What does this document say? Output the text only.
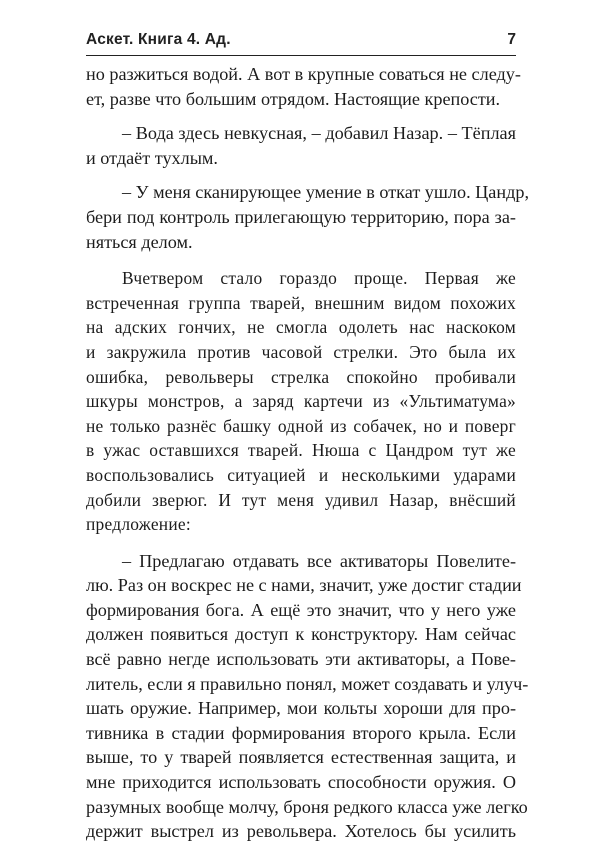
Аскет. Книга 4. Ад.	7
но разжиться водой. А вот в крупные соваться не следу-
ет, разве что большим отрядом. Настоящие крепости.
– Вода здесь невкусная, – добавил Назар. – Тёплая
и отдаёт тухлым.
– У меня сканирующее умение в откат ушло. Цандр,
бери под контроль прилегающую территорию, пора за-
няться делом.
Вчетвером стало гораздо проще. Первая же
встреченная группа тварей, внешним видом похожих
на адских гончих, не смогла одолеть нас наскоком
и закружила против часовой стрелки. Это была их
ошибка, револьверы стрелка спокойно пробивали
шкуры монстров, а заряд картечи из «Ультиматума»
не только разнёс башку одной из собачек, но и поверг
в ужас оставшихся тварей. Нюша с Цандром тут же
воспользовались ситуацией и несколькими ударами
добили зверюг. И тут меня удивил Назар, внёсший
предложение:
– Предлагаю отдавать все активаторы Повелите-
лю. Раз он воскрес не с нами, значит, уже достиг стадии
формирования бога. А ещё это значит, что у него уже
должен появиться доступ к конструктору. Нам сейчас
всё равно негде использовать эти активаторы, а Пове-
литель, если я правильно понял, может создавать и улуч-
шать оружие. Например, мои кольты хороши для про-
тивника в стадии формирования второго крыла. Если
выше, то у тварей появляется естественная защита, и
мне приходится использовать способности оружия. О
разумных вообще молчу, броня редкого класса уже легко
держит выстрел из револьвера. Хотелось бы усилить
